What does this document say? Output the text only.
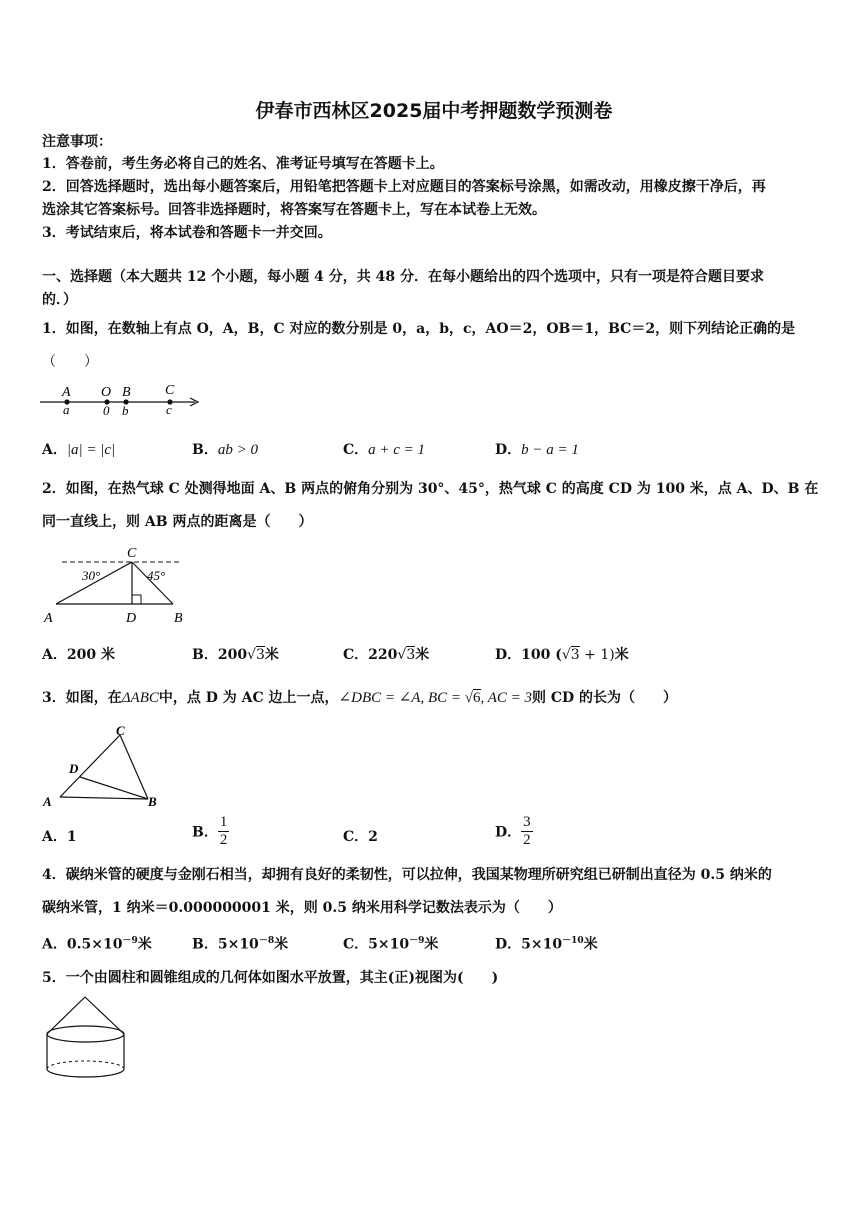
伊春市西林区2025届中考押题数学预测卷
注意事项：
1．答卷前，考生务必将自己的姓名、准考证号填写在答题卡上。
2．回答选择题时，选出每小题答案后，用铅笔把答题卡上对应题目的答案标号涂黑，如需改动，用橡皮擦干净后，再
选涂其它答案标号。回答非选择题时，将答案写在答题卡上，写在本试卷上无效。
3．考试结束后，将本试卷和答题卡一并交回。
一、选择题（本大题共 12 个小题，每小题 4 分，共 48 分．在每小题给出的四个选项中，只有一项是符合题目要求
的．）
1．如图，在数轴上有点 O，A，B，C 对应的数分别是 0，a，b，c，AO＝2，OB＝1，BC＝2，则下列结论正确的是
（　　）
A O B C
a	0 b	c
A．|a| = |c|	B．ab > 0	C．a + c = 1	D．b − a = 1
2．如图，在热气球 C 处测得地面 A、B 两点的俯角分别为 30°、45°，热气球 C 的高度 CD 为 100 米，点 A、D、B 在
同一直线上，则 AB 两点的距离是（　　）
C
30°	45°
A	D	B
A．200 米	B．200√3米	C．220√3米	D．100 (√3 + 1)米
3．如图，在ΔABC中，点 D 为 AC 边上一点，∠DBC = ∠A, BC = √6, AC = 3则 CD 的长为（　　）
C
D
A	B
A．1	B． $\frac{1}{2}$	C．2	D． $\frac{3}{2}$
4．碳纳米管的硬度与金刚石相当，却拥有良好的柔韧性，可以拉伸，我国某物理所研究组已研制出直径为 0.5 纳米的
碳纳米管，1 纳米＝0.000000001 米，则 0.5 纳米用科学记数法表示为（　　）
A．$0.5\times 10^{-9}$米	B．$5\times 10^{-8}$米	C．$5\times 10^{-9}$米	D．$5\times 10^{-10}$米
5．一个由圆柱和圆锥组成的几何体如图水平放置，其主(正)视图为(　　)
